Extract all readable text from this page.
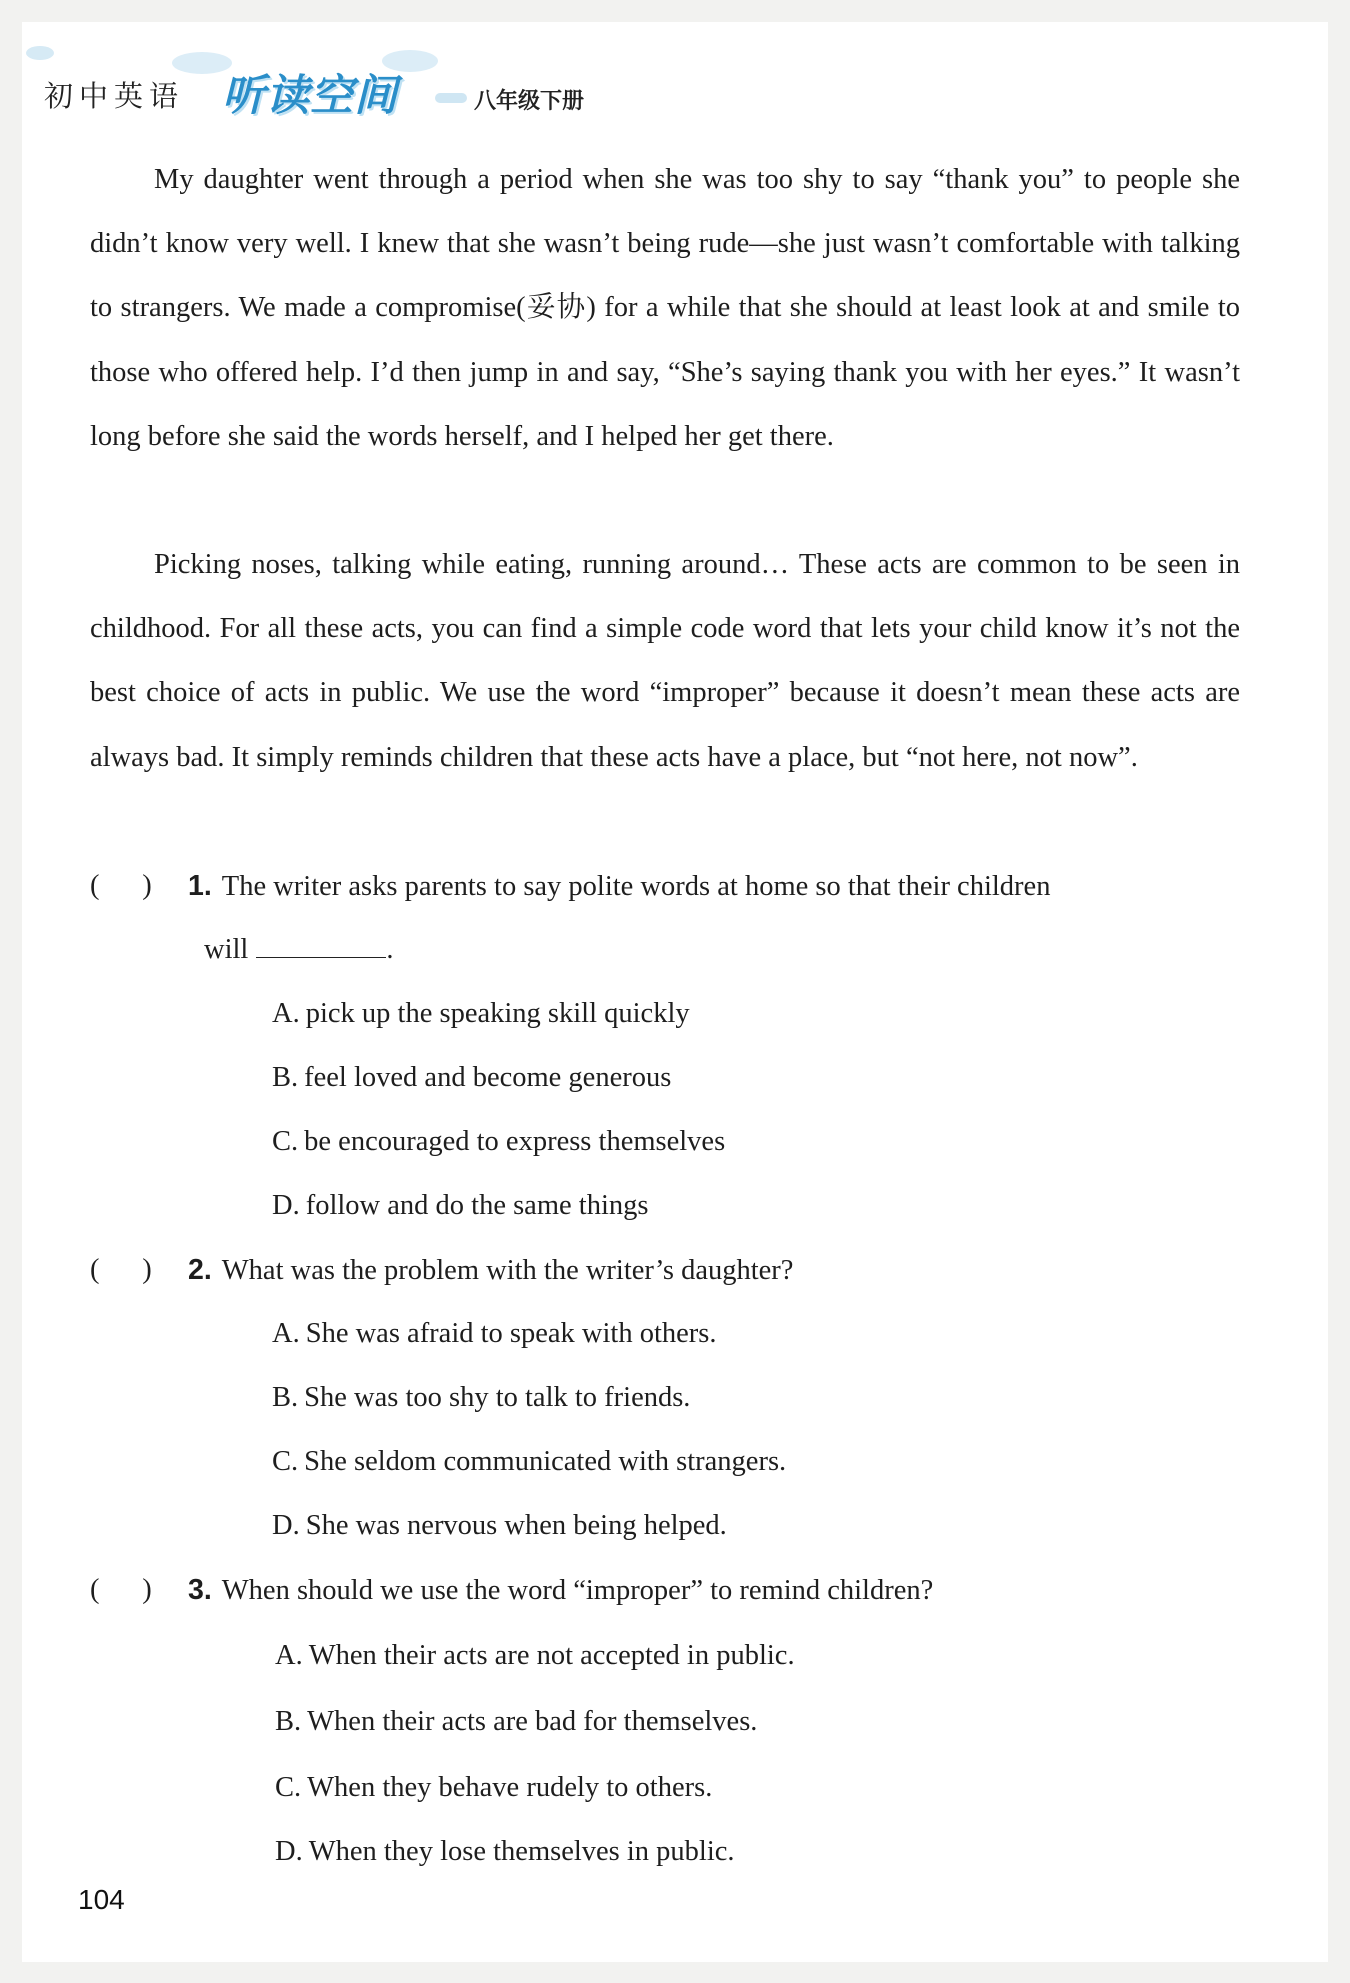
初中英语 听读空间	八年级下册

My daughter went through a period when she was too shy to say “thank you” to people she didn’t know very well. I knew that she wasn’t being rude—she just wasn’t comfortable with talking to strangers. We made a compromise(妥协) for a while that she should at least look at and smile to those who offered help. I’d then jump in and say, “She’s saying thank you with her eyes.” It wasn’t long before she said the words herself, and I helped her get there.

Picking noses, talking while eating, running around… These acts are common to be seen in childhood. For all these acts, you can find a simple code word that lets your child know it’s not the best choice of acts in public. We use the word “improper” because it doesn’t mean these acts are always bad. It simply reminds children that these acts have a place, but “not here, not now”.

(      )	1. The writer asks parents to say polite words at home so that their children
will	.
A. pick up the speaking skill quickly
B. feel loved and become generous
C. be encouraged to express themselves
D. follow and do the same things
(      )	2. What was the problem with the writer’s daughter?
A. She was afraid to speak with others.
B. She was too shy to talk to friends.
C. She seldom communicated with strangers.
D. She was nervous when being helped.
(      )	3. When should we use the word “improper” to remind children?
A. When their acts are not accepted in public.
B. When their acts are bad for themselves.
C. When they behave rudely to others.
D. When they lose themselves in public.
104
